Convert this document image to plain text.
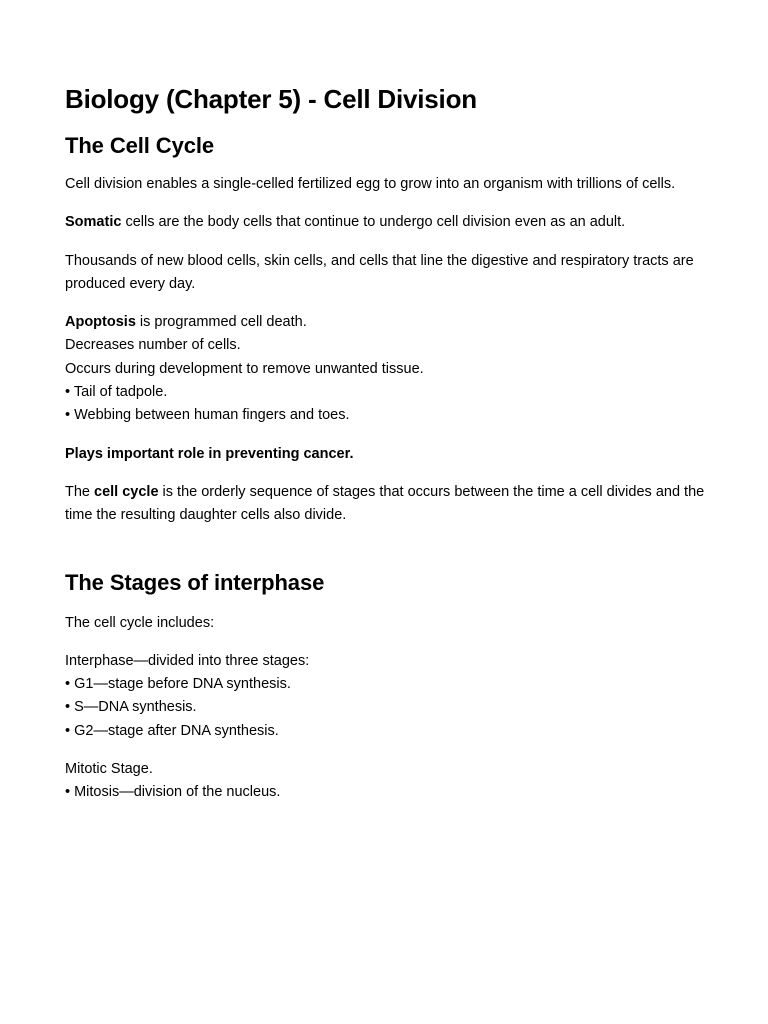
Biology (Chapter 5) - Cell Division
The Cell Cycle

Cell division enables a single-celled fertilized egg to grow into an organism with trillions of cells.

Somatic cells are the body cells that continue to undergo cell division even as an adult.

Thousands of new blood cells, skin cells, and cells that line the digestive and respiratory tracts are produced every day.

Apoptosis is programmed cell death.

Decreases number of cells.

Occurs during development to remove unwanted tissue.

• Tail of tadpole.

• Webbing between human fingers and toes.

Plays important role in preventing cancer.

The cell cycle is the orderly sequence of stages that occurs between the time a cell divides and the time the resulting daughter cells also divide.

The Stages of interphase

The cell cycle includes:

Interphase—divided into three stages:

• G1—stage before DNA synthesis.

• S—DNA synthesis.

• G2—stage after DNA synthesis.

Mitotic Stage.

• Mitosis—division of the nucleus.
